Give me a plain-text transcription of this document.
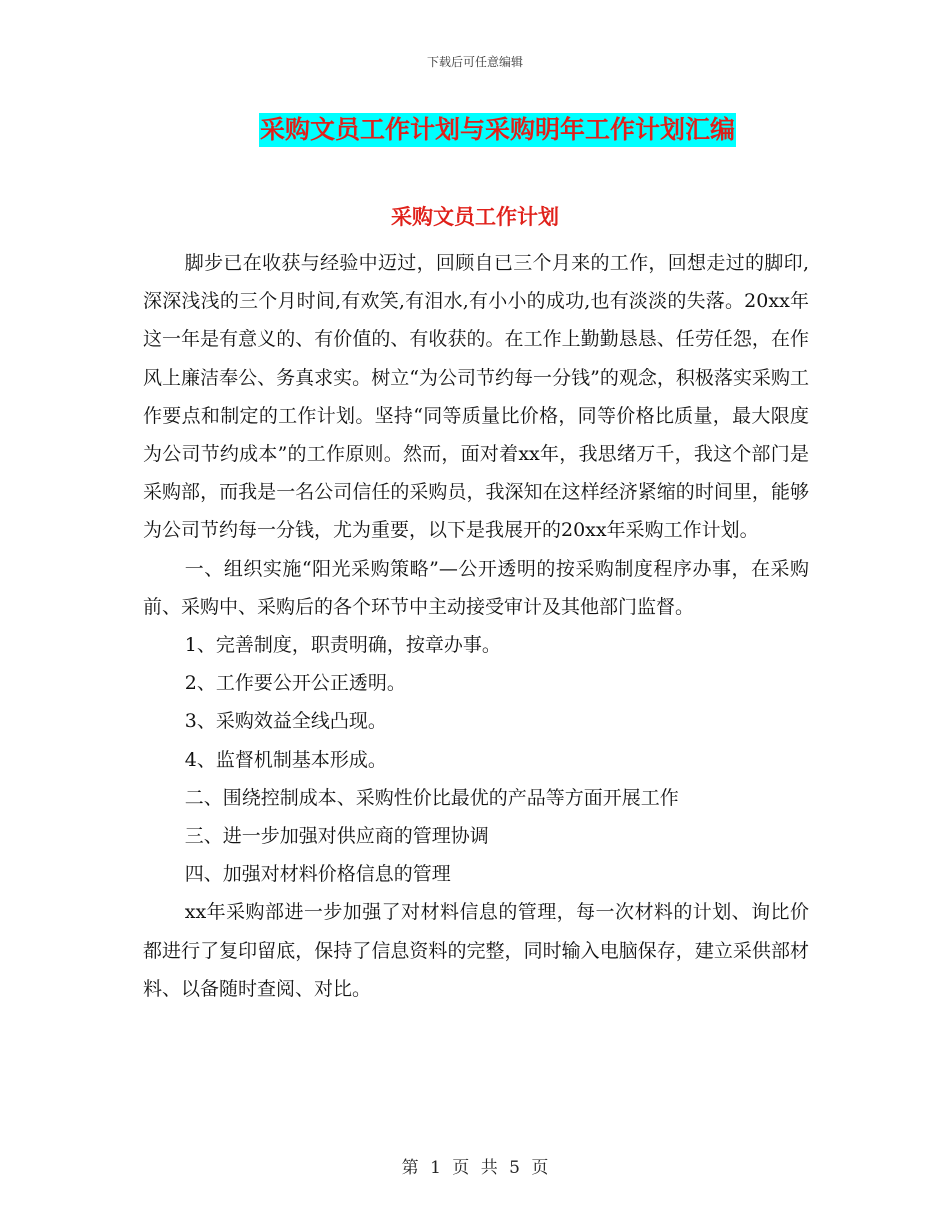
下载后可任意编辑
采购文员工作计划与采购明年工作计划汇编
采购文员工作计划

脚步已在收获与经验中迈过，回顾自已三个月来的工作，回想走过的脚印,深深浅浅的三个月时间,有欢笑,有泪水,有小小的成功,也有淡淡的失落。20xx年这一年是有意义的、有价值的、有收获的。在工作上勤勤恳恳、任劳任怨，在作风上廉洁奉公、务真求实。树立“为公司节约每一分钱”的观念，积极落实采购工作要点和制定的工作计划。坚持“同等质量比价格，同等价格比质量，最大限度为公司节约成本”的工作原则。然而，面对着xx年，我思绪万千，我这个部门是采购部，而我是一名公司信任的采购员，我深知在这样经济紧缩的时间里，能够为公司节约每一分钱，尤为重要，以下是我展开的20xx年采购工作计划。

一、组织实施“阳光采购策略”—公开透明的按采购制度程序办事，在采购前、采购中、采购后的各个环节中主动接受审计及其他部门监督。

1、完善制度，职责明确，按章办事。

2、工作要公开公正透明。

3、采购效益全线凸现。

4、监督机制基本形成。

二、围绕控制成本、采购性价比最优的产品等方面开展工作

三、进一步加强对供应商的管理协调

四、加强对材料价格信息的管理

xx年采购部进一步加强了对材料信息的管理，每一次材料的计划、询比价都进行了复印留底，保持了信息资料的完整，同时输入电脑保存，建立采供部材料、以备随时查阅、对比。

第 1 页 共 5 页
